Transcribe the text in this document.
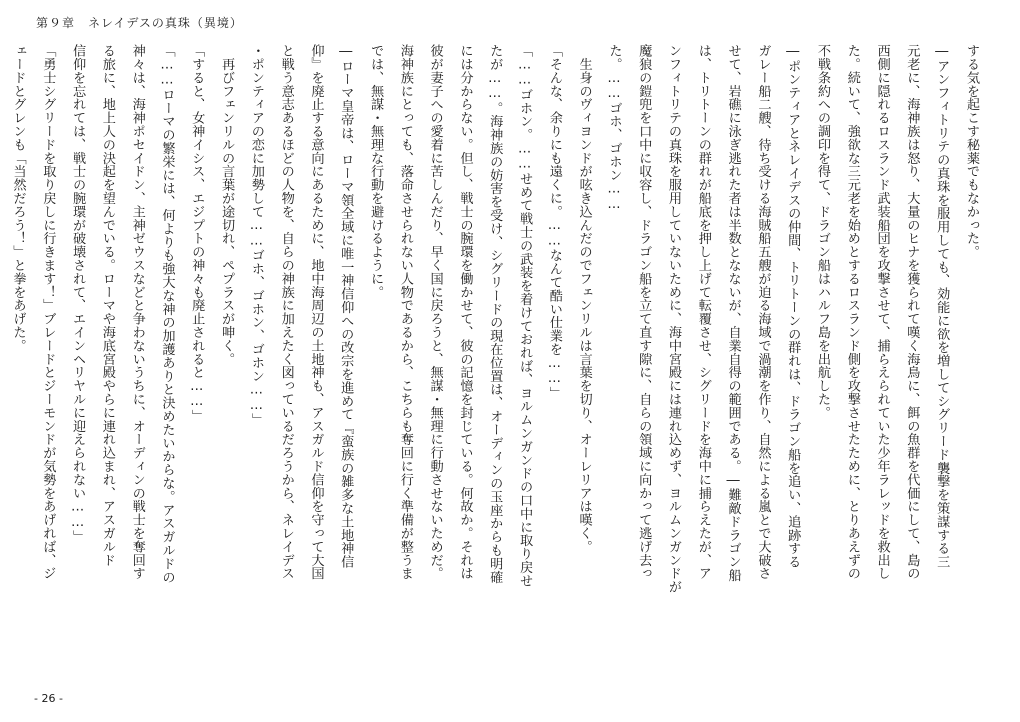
第９章　ネレイデスの真珠（異境）
する気を起こす秘薬でもなかった。
―アンフィトリテの真珠を服用しても、効能に欲を増してシグリード襲撃を策謀する三
元老に、海神族は怒り、大量のヒナを獲られて嘆く海鳥に、餌の魚群を代価にして、島の
西側に隠れるロスランド武装船団を攻撃させて、捕らえられていた少年ラレッドを救出し
た。続いて、強欲な三元老を始めとするロスランド側を攻撃させたために、とりあえずの
不戦条約への調印を得て、ドラゴン船はハルフ島を出航した。
―ポンティアとネレイデスの仲間、トリトーンの群れは、ドラゴン船を追い、追跡する
ガレー船二艘、待ち受ける海賊船五艘が迫る海域で渦潮を作り、自然による嵐とで大破さ
せて、岩礁に泳ぎ逃れた者は半数となないが、自業自得の範囲である。―難敵ドラゴン船
は、トリトーンの群れが船底を押し上げて転覆させ、シグリードを海中に捕らえたが、ア
ンフィトリテの真珠を服用していないために、海中宮殿には連れ込めず、ヨルムンガンドが
魔狼の鎧兜を口中に収容し、ドラゴン船を立て直す隙に、自らの領域に向かって逃げ去っ
た。……ゴホ、ゴホン……
　生身のヴィヨンドが呟き込んだのでフェンリルは言葉を切り、オーレリアは嘆く。
「そんな、余りにも遠くに。……なんて酷い仕業を……」
「……ゴホン。……せめて戦士の武装を着けておれば、ヨルムンガンドの口中に取り戻せ
たが……。海神族の妨害を受け、シグリードの現在位置は、オーディンの玉座からも明確
には分からない。但し、戦士の腕環を働かせて、彼の記憶を封じている。何故か。それは
彼が妻子への愛着に苦しんだり、早く国に戻ろうと、無謀・無理に行動させないためだ。
海神族にとっても、落命させられない人物であるから、こちらも奪回に行く準備が整うま
では、無謀・無理な行動を避けるように。
―ローマ皇帝は、ローマ領全域に唯一神信仰への改宗を進めて『蛮族の雑多な土地神信
仰』を廃止する意向にあるために、地中海周辺の土地神も、アスガルド信仰を守って大国
と戦う意志あるほどの人物を、自らの神族に加えたく図っているだろうから、ネレイデス
・ポンティアの恋に加勢して……ゴホ、ゴホン、ゴホン……」
　再びフェンリルの言葉が途切れ、ペプラスが呻く。
「すると、女神イシス、エジプトの神々も廃止されると……」
「……ローマの繁栄には、何よりも強大な神の加護ありと決めたいからな。アスガルドの
神々は、海神ポセイドン、主神ゼウスなどと争わないうちに、オーディンの戦士を奪回す
る旅に、地上人の決起を望んでいる。ローマや海底宮殿やらに連れ込まれ、アスガルド
信仰を忘れては、戦士の腕環が破壊されて、エインヘリヤルに迎えられない……」
「勇士シグリードを取り戻しに行きます！」ブレードとジーモンドが気勢をあげれば、ジ
ェードとグレンも「当然だろう！」と拳をあげた。
- 26 -
